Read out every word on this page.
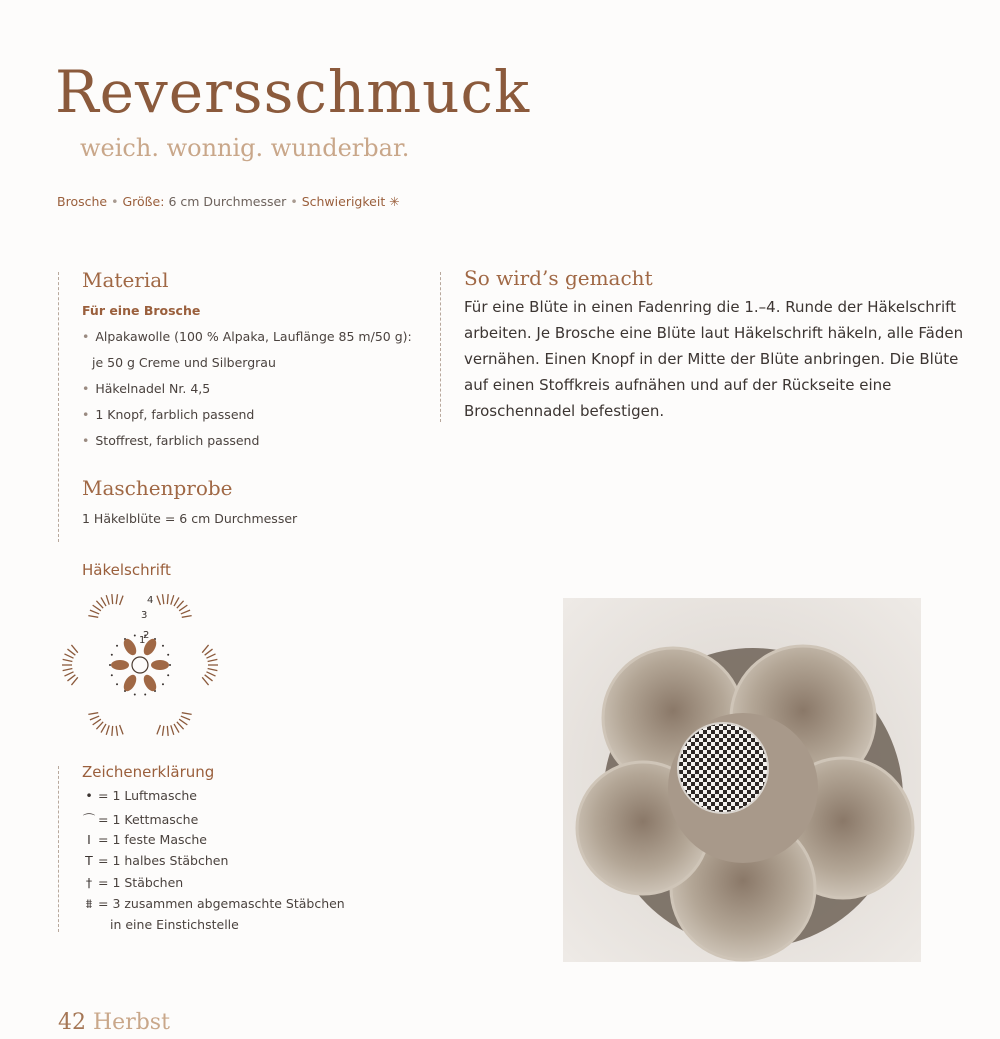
Reversschmuck
weich. wonnig. wunderbar.
Brosche • Größe: 6 cm Durchmesser • Schwierigkeit ✳
Material
Für eine Brosche
• Alpakawolle (100 % Alpaka, Lauflänge 85 m/50 g):
je 50 g Creme und Silbergrau
• Häkelnadel Nr. 4,5
• 1 Knopf, farblich passend
• Stoffrest, farblich passend
Maschenprobe
1 Häkelblüte = 6 cm Durchmesser
Häkelschrift
1
2
3
4
Zeichenerklärung
• = 1 Luftmasche
⌒ = 1 Kettmasche
I = 1 feste Masche
T = 1 halbes Stäbchen
† = 1 Stäbchen
⩩ = 3 zusammen abgemaschte Stäbchen
in eine Einstichstelle
So wird’s gemacht
Für eine Blüte in einen Fadenring die 1.–4. Runde der Häkelschrift arbeiten. Je Brosche eine Blüte laut Häkelschrift häkeln, alle Fäden vernähen. Einen Knopf in der Mitte der Blüte anbringen. Die Blüte auf einen Stoffkreis aufnähen und auf der Rückseite eine Broschennadel befestigen.
42 Herbst
